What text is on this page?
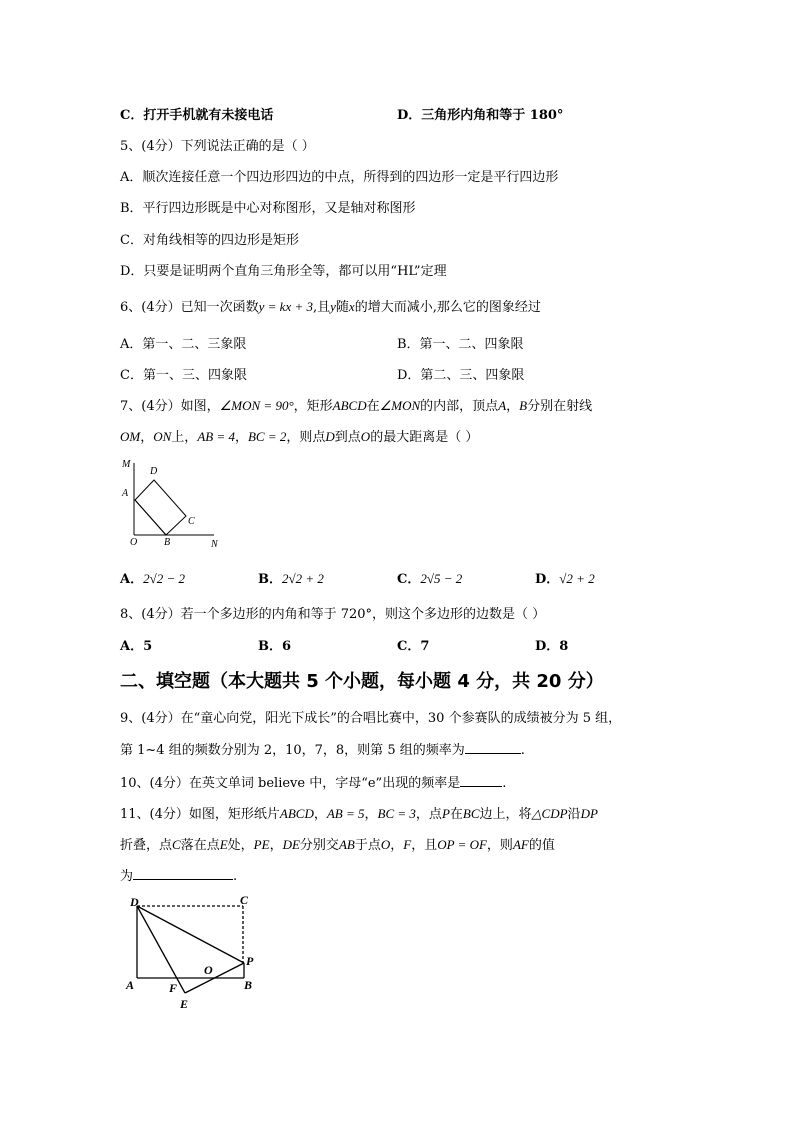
C．打开手机就有未接电话	D．三角形内角和等于 180°
5、(4分）下列说法正确的是（ ）
A．顺次连接任意一个四边形四边的中点，所得到的四边形一定是平行四边形
B．平行四边形既是中心对称图形，又是轴对称图形
C．对角线相等的四边形是矩形
D．只要是证明两个直角三角形全等，都可以用“HL”定理
6、(4分）已知一次函数y = kx + 3,且y随x的增大而减小,那么它的图象经过
A．第一、二、三象限	B．第一、二、四象限
C．第一、三、四象限	D．第二、三、四象限
7、(4分）如图，∠MON = 90°，矩形ABCD在∠MON的内部，顶点A，B分别在射线
OM，ON上，AB = 4，BC = 2，则点D到点O的最大距离是（ ）
M
D
A
C
O	B	N
A．2√2 − 2	B．2√2 + 2	C．2√5 − 2	D．√2 + 2
8、(4分）若一个多边形的内角和等于 720°，则这个多边形的边数是（ ）
A．5	B．6	C．7	D．8
二、填空题（本大题共 5 个小题，每小题 4 分，共 20 分）
9、(4分）在“童心向党，阳光下成长”的合唱比赛中，30 个参赛队的成绩被分为 5 组，
第 1~4 组的频数分别为 2，10，7，8，则第 5 组的频率为	.
10、(4分）在英文单词 believe 中，字母“e”出现的频率是	.
11、(4分）如图，矩形纸片ABCD，AB = 5，BC = 3，点P在BC边上，将△CDP沿DP
折叠，点C落在点E处，PE，DE分别交AB于点O，F，且OP = OF，则AF的值
为	.
D	C
P
O
A	F	B
E
